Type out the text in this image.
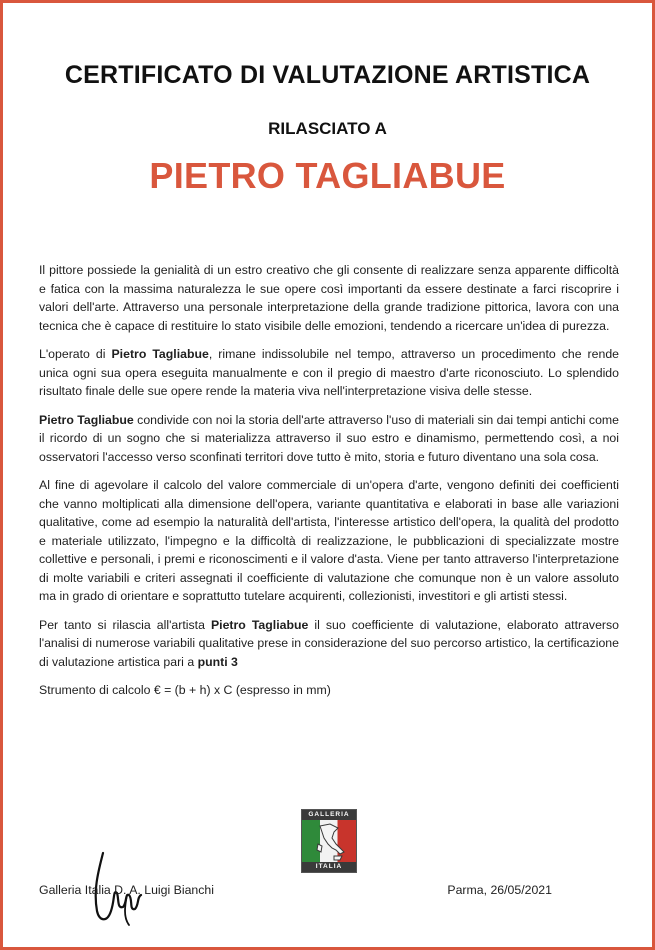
CERTIFICATO DI VALUTAZIONE ARTISTICA
RILASCIATO A
PIETRO TAGLIABUE

Il pittore possiede la genialità di un estro creativo che gli consente di realizzare senza apparente difficoltà e fatica con la massima naturalezza le sue opere così importanti da essere destinate a farci riscoprire i valori dell'arte. Attraverso una personale interpretazione della grande tradizione pittorica, lavora con una tecnica che è capace di restituire lo stato visibile delle emozioni, tendendo a ricercare un'idea di purezza.

L'operato di Pietro Tagliabue, rimane indissolubile nel tempo, attraverso un procedimento che rende unica ogni sua opera eseguita manualmente e con il pregio di maestro d'arte riconosciuto. Lo splendido risultato finale delle sue opere rende la materia viva nell'interpretazione visiva delle stesse.

Pietro Tagliabue condivide con noi la storia dell'arte attraverso l'uso di materiali sin dai tempi antichi come il ricordo di un sogno che si materializza attraverso il suo estro e dinamismo, permettendo così, a noi osservatori l'accesso verso sconfinati territori dove tutto è mito, storia e futuro diventano una sola cosa.

Al fine di agevolare il calcolo del valore commerciale di un'opera d'arte, vengono definiti dei coefficienti che vanno moltiplicati alla dimensione dell'opera, variante quantitativa e elaborati in base alle variazioni qualitative, come ad esempio la naturalità dell'artista, l'interesse artistico dell'opera, la qualità del prodotto e materiale utilizzato, l'impegno e la difficoltà di realizzazione, le pubblicazioni di specializzate mostre collettive e personali, i premi e riconoscimenti e il valore d'asta. Viene per tanto attraverso l'interpretazione di molte variabili e criteri assegnati il coefficiente di valutazione che comunque non è un valore assoluto ma in grado di orientare e soprattutto tutelare acquirenti, collezionisti, investitori e gli artisti stessi.

Per tanto si rilascia all'artista Pietro Tagliabue il suo coefficiente di valutazione, elaborato attraverso l'analisi di numerose variabili qualitative prese in considerazione del suo percorso artistico, la certificazione di valutazione artistica pari a punti 3

Strumento di calcolo € = (b + h) x C (espresso in mm)

GALLERIA
ITALIA
Galleria Italia D. A. Luigi Bianchi	Parma, 26/05/2021
